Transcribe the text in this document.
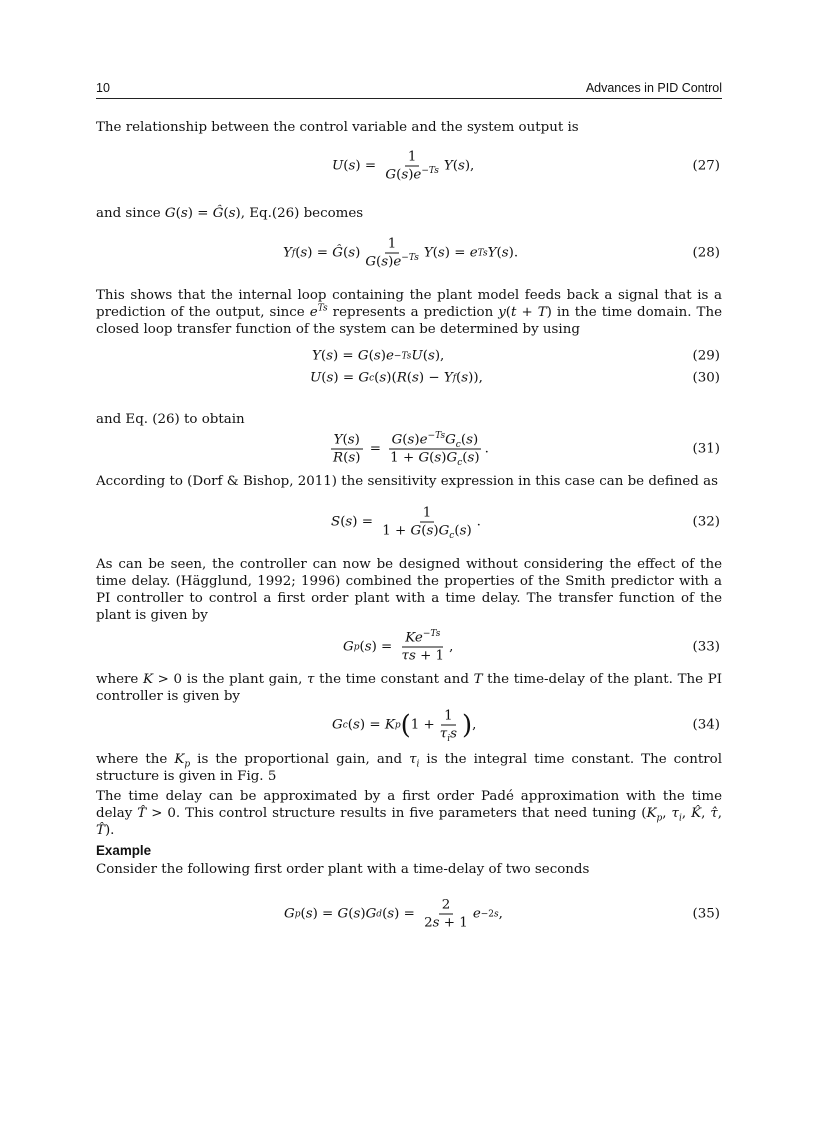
10	Advances in PID Control
The relationship between the control variable and the system output is
U ( s ) = $\frac{1}{G(s)e^{-Ts}}$ Y ( s ),	(27)
and since G(s) = Ĝ(s), Eq.(26) becomes
Y f ( s ) = Ĝ ( s ) $\frac{1}{G(s)e^{-Ts}}$ Y ( s ) = e Ts Y ( s ).	(28)
This shows that the internal loop containing the plant model feeds back a signal that is a prediction of the output, since $e^{Ts}$ represents a prediction y(t + T) in the time domain. The closed loop transfer function of the system can be determined by using
Y ( s ) = G ( s ) e −Ts U ( s ),	(29)
U ( s ) = G c ( s )( R ( s ) − Y f ( s )),	(30)
and Eq. (26) to obtain
$\frac{Y(s)}{R(s)} = \frac{G(s)e^{-Ts}G_c(s)}{1 + G(s)G_c(s)}$ .	(31)
According to (Dorf & Bishop, 2011) the sensitivity expression in this case can be defined as
S ( s ) = $\frac{1}{1 + G(s)G_c(s)}$ .	(32)
As can be seen, the controller can now be designed without considering the effect of the time delay. (Hägglund, 1992; 1996) combined the properties of the Smith predictor with a PI controller to control a first order plant with a time delay. The transfer function of the plant is given by
G p ( s ) = $\frac{Ke^{-Ts}}{\tau s + 1}$ ,	(33)
where K > 0 is the plant gain, τ the time constant and T the time-delay of the plant. The PI controller is given by
G c ( s ) = K p ( $1 + \frac{1}{\tau_is}$ ) ,	(34)
where the $K_p$ is the proportional gain, and $\tau_i$ is the integral time constant. The control structure is given in Fig. 5
The time delay can be approximated by a first order Padé approximation with the time delay T̂ > 0. This control structure results in five parameters that need tuning ($K_p$, $\tau_i$, K̂, τ̂, T̂).
Example
Consider the following first order plant with a time-delay of two seconds
G p ( s ) = G ( s ) G d ( s ) = $\frac{2}{2s + 1}$ e −2s ,	(35)
